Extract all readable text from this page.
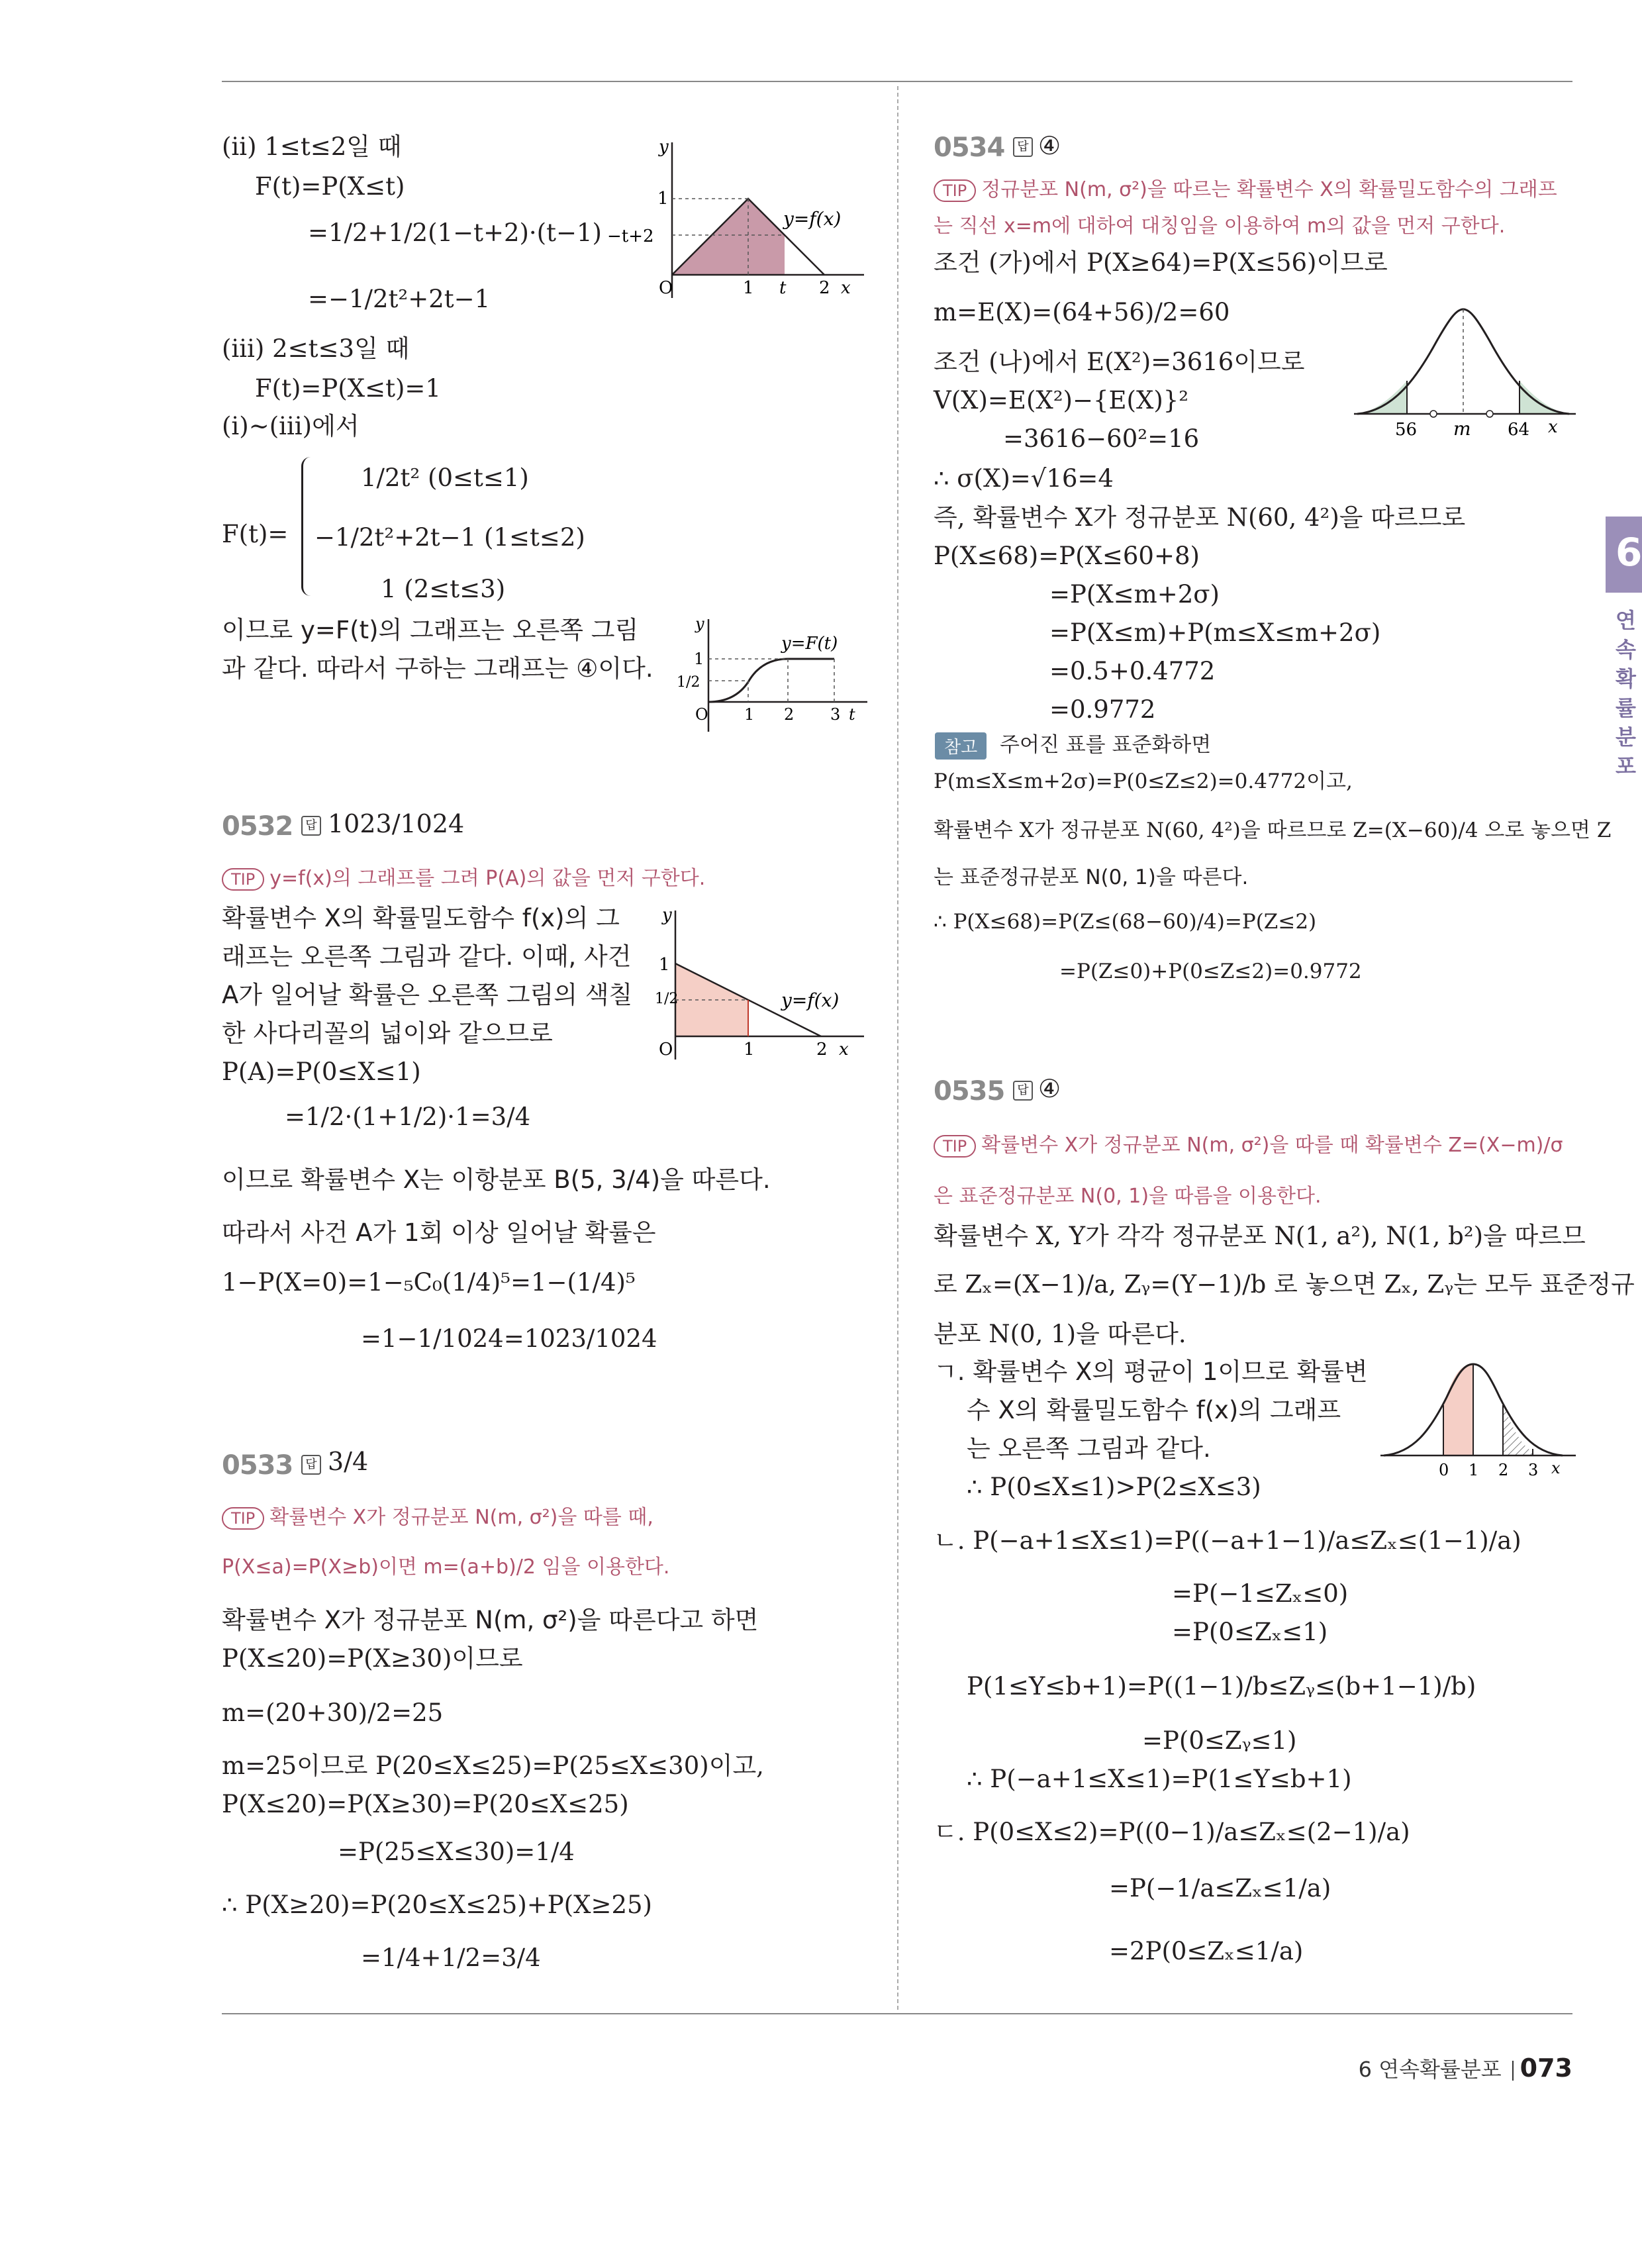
(ⅱ) 1≤t≤2일 때
F(t)=P(X≤t)
=1/2+1/2(1−t+2)·(t−1)
=−1/2t²+2t−1
(ⅲ) 2≤t≤3일 때
F(t)=P(X≤t)=1
(ⅰ)~(ⅲ)에서
F(t)=
1/2t² (0≤t≤1)
−1/2t²+2t−1 (1≤t≤2)
1 (2≤t≤3)
이므로 y=F(t)의 그래프는 오른쪽 그림
과 같다. 따라서 구하는 그래프는 ④이다.
y
1
−t+2
O	1 t 2 x
y=f(x)
y
1
1/2
O 1 2 3 t
y=F(t)
0532	답 1023/1024
TIP y=f(x)의 그래프를 그려 P(A)의 값을 먼저 구한다.
확률변수 X의 확률밀도함수 f(x)의 그
래프는 오른쪽 그림과 같다. 이때, 사건
A가 일어날 확률은 오른쪽 그림의 색칠
한 사다리꼴의 넓이와 같으므로
P(A)=P(0≤X≤1)
=1/2·(1+1/2)·1=3/4
이므로 확률변수 X는 이항분포 B(5, 3/4)을 따른다.
따라서 사건 A가 1회 이상 일어날 확률은
1−P(X=0)=1−₅C₀(1/4)⁵=1−(1/4)⁵
=1−1/1024=1023/1024
y
1
1/2
O	1	2 x
y=f(x)
0533	답 3/4
TIP 확률변수 X가 정규분포 N(m, σ²)을 따를 때,
P(X≤a)=P(X≥b)이면 m=(a+b)/2 임을 이용한다.
확률변수 X가 정규분포 N(m, σ²)을 따른다고 하면
P(X≤20)=P(X≥30)이므로
m=(20+30)/2=25
m=25이므로 P(20≤X≤25)=P(25≤X≤30)이고,
P(X≤20)=P(X≥30)=P(20≤X≤25)
=P(25≤X≤30)=1/4
∴ P(X≥20)=P(20≤X≤25)+P(X≥25)
=1/4+1/2=3/4
0534	답 ④
TIP 정규분포 N(m, σ²)을 따르는 확률변수 X의 확률밀도함수의 그래프
는 직선 x=m에 대하여 대칭임을 이용하여 m의 값을 먼저 구한다.
조건 (가)에서 P(X≥64)=P(X≤56)이므로
m=E(X)=(64+56)/2=60
조건 (나)에서 E(X²)=3616이므로
V(X)=E(X²)−{E(X)}²
=3616−60²=16
∴ σ(X)=√16=4
즉, 확률변수 X가 정규분포 N(60, 4²)을 따르므로
P(X≤68)=P(X≤60+8)
=P(X≤m+2σ)
=P(X≤m)+P(m≤X≤m+2σ)
=0.5+0.4772
=0.9772
참고	주어진 표를 표준화하면
P(m≤X≤m+2σ)=P(0≤Z≤2)=0.4772이고,
확률변수 X가 정규분포 N(60, 4²)을 따르므로 Z=(X−60)/4 으로 놓으면 Z
는 표준정규분포 N(0, 1)을 따른다.
∴ P(X≤68)=P(Z≤(68−60)/4)=P(Z≤2)
=P(Z≤0)+P(0≤Z≤2)=0.9772
56 m 64 x
0535	답 ④
TIP 확률변수 X가 정규분포 N(m, σ²)을 따를 때 확률변수 Z=(X−m)/σ
은 표준정규분포 N(0, 1)을 따름을 이용한다.
확률변수 X, Y가 각각 정규분포 N(1, a²), N(1, b²)을 따르므
로 Zₓ=(X−1)/a, Zᵧ=(Y−1)/b 로 놓으면 Zₓ, Zᵧ는 모두 표준정규
분포 N(0, 1)을 따른다.
ㄱ. 확률변수 X의 평균이 1이므로 확률변
수 X의 확률밀도함수 f(x)의 그래프
는 오른쪽 그림과 같다.
∴ P(0≤X≤1)>P(2≤X≤3)
ㄴ. P(−a+1≤X≤1)=P((−a+1−1)/a≤Zₓ≤(1−1)/a)
=P(−1≤Zₓ≤0)
=P(0≤Zₓ≤1)
P(1≤Y≤b+1)=P((1−1)/b≤Zᵧ≤(b+1−1)/b)
=P(0≤Zᵧ≤1)
∴ P(−a+1≤X≤1)=P(1≤Y≤b+1)
ㄷ. P(0≤X≤2)=P((0−1)/a≤Zₓ≤(2−1)/a)
=P(−1/a≤Zₓ≤1/a)
=2P(0≤Zₓ≤1/a)
0 1 2 3 x
6
연속확률분포
6 연속확률분포 073
